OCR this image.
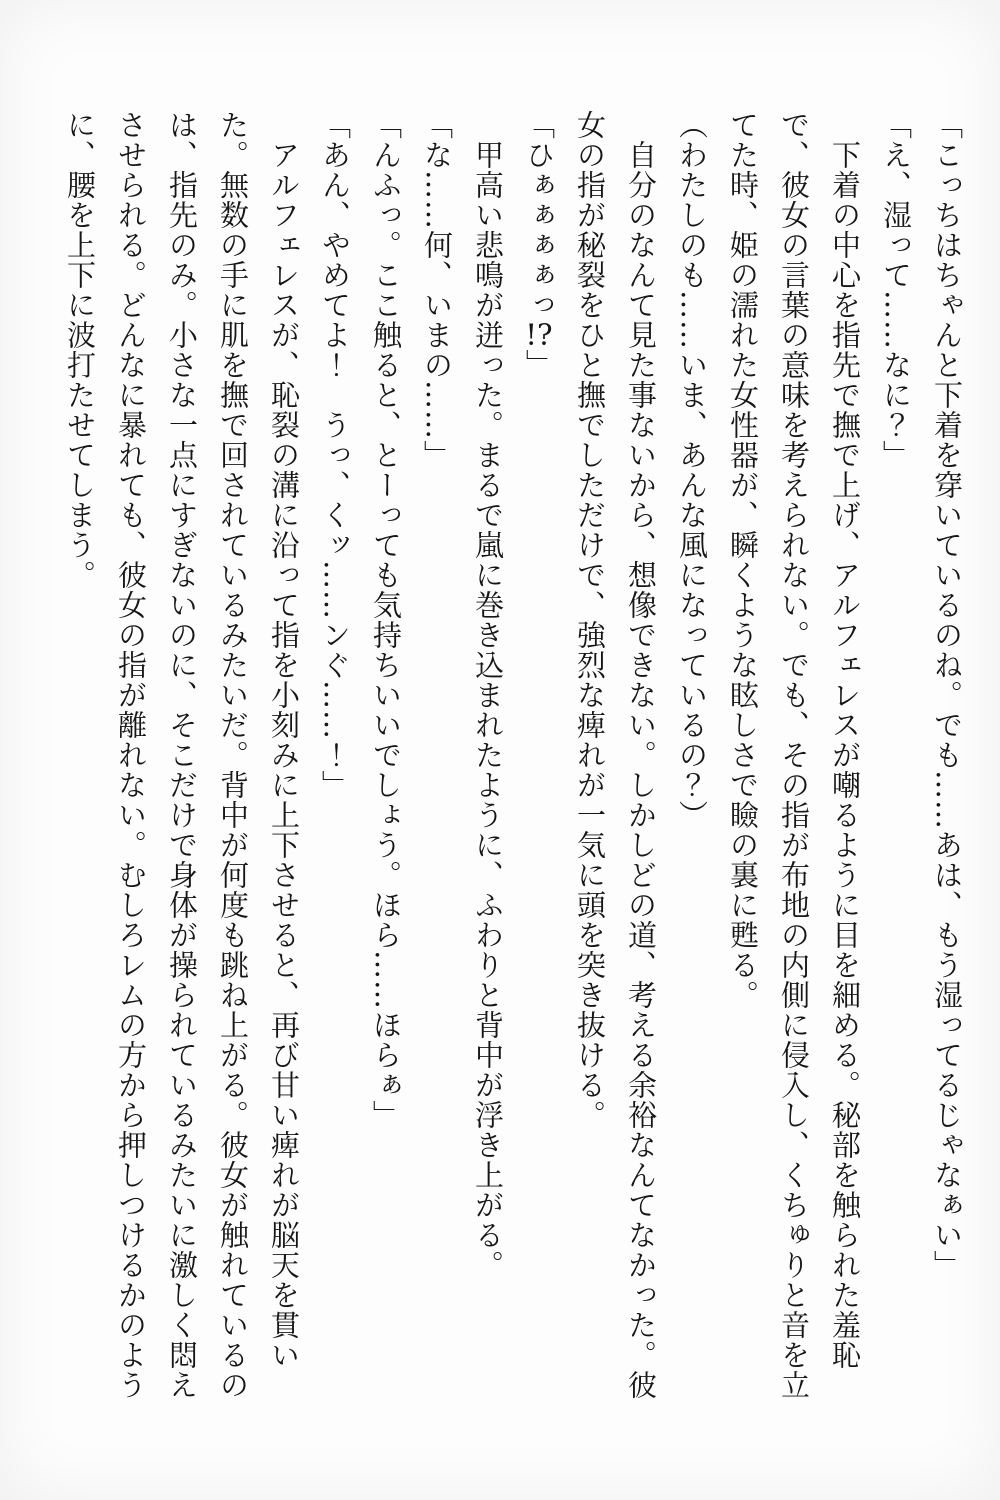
「こっちはちゃんと下着を穿いているのね。でも……あは、もう湿ってるじゃなぁい」
「え、湿って……なに？」
下着の中心を指先で撫で上げ、アルフェレスが嘲るように目を細める。秘部を触られた羞恥
で、彼女の言葉の意味を考えられない。でも、その指が布地の内側に侵入し、くちゅりと音を立
てた時、姫の濡れた女性器が、瞬くような眩しさで瞼の裏に甦る。
（わたしのも……いま、あんな風になっているの？）
自分のなんて見た事ないから、想像できない。しかしどの道、考える余裕なんてなかった。彼
女の指が秘裂をひと撫でしただけで、強烈な痺れが一気に頭を突き抜ける。
「ひぁぁぁぁっ!?」
甲高い悲鳴が迸った。まるで嵐に巻き込まれたように、ふわりと背中が浮き上がる。
「な……何、いまの……」
「んふっ。ここ触ると、とーっても気持ちいいでしょう。ほら……ほらぁ」
「あん、やめてよ！　うっ、くッ……ンぐ……！」
アルフェレスが、恥裂の溝に沿って指を小刻みに上下させると、再び甘い痺れが脳天を貫い
た。無数の手に肌を撫で回されているみたいだ。背中が何度も跳ね上がる。彼女が触れているの
は、指先のみ。小さな一点にすぎないのに、そこだけで身体が操られているみたいに激しく悶え
させられる。どんなに暴れても、彼女の指が離れない。むしろレムの方から押しつけるかのよう
に、腰を上下に波打たせてしまう。
